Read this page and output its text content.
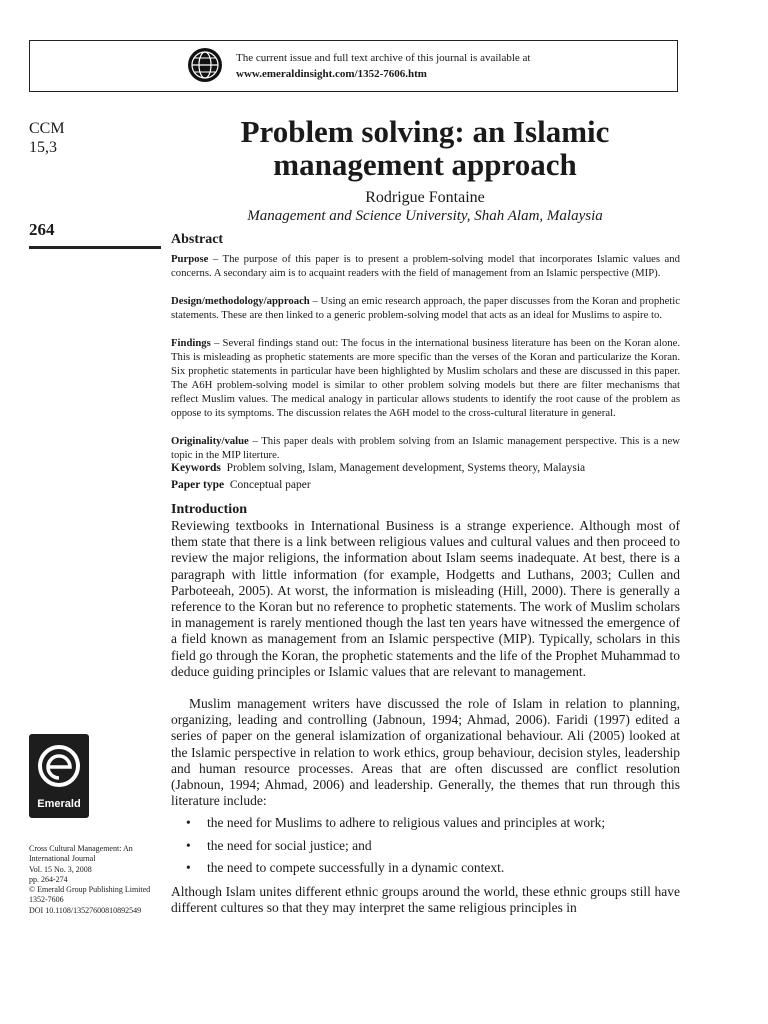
The current issue and full text archive of this journal is available at
www.emeraldinsight.com/1352-7606.htm
CCM
15,3
264
Problem solving: an Islamic
management approach
Rodrigue Fontaine
Management and Science University, Shah Alam, Malaysia
Abstract
Purpose – The purpose of this paper is to present a problem-solving model that incorporates Islamic values and concerns. A secondary aim is to acquaint readers with the field of management from an Islamic perspective (MIP).
Design/methodology/approach – Using an emic research approach, the paper discusses from the Koran and prophetic statements. These are then linked to a generic problem-solving model that acts as an ideal for Muslims to aspire to.
Findings – Several findings stand out: The focus in the international business literature has been on the Koran alone. This is misleading as prophetic statements are more specific than the verses of the Koran and particularize the Koran. Six prophetic statements in particular have been highlighted by Muslim scholars and these are discussed in this paper. The A6H problem-solving model is similar to other problem solving models but there are filter mechanisms that reflect Muslim values. The medical analogy in particular allows students to identify the root cause of the problem as oppose to its symptoms. The discussion relates the A6H model to the cross-cultural literature in general.
Originality/value – This paper deals with problem solving from an Islamic management perspective. This is a new topic in the MIP literture.
Keywords Problem solving, Islam, Management development, Systems theory, Malaysia
Paper type Conceptual paper
Introduction

Reviewing textbooks in International Business is a strange experience. Although most of them state that there is a link between religious values and cultural values and then proceed to review the major religions, the information about Islam seems inadequate. At best, there is a paragraph with little information (for example, Hodgetts and Luthans, 2003; Cullen and Parboteeah, 2005). At worst, the information is misleading (Hill, 2000). There is generally a reference to the Koran but no reference to prophetic statements. The work of Muslim scholars in management is rarely mentioned though the last ten years have witnessed the emergence of a field known as management from an Islamic perspective (MIP). Typically, scholars in this field go through the Koran, the prophetic statements and the life of the Prophet Muhammad to deduce guiding principles or Islamic values that are relevant to management.

Muslim management writers have discussed the role of Islam in relation to planning, organizing, leading and controlling (Jabnoun, 1994; Ahmad, 2006). Faridi (1997) edited a series of paper on the general islamization of organizational behaviour. Ali (2005) looked at the Islamic perspective in relation to work ethics, group behaviour, decision styles, leadership and human resource processes. Areas that are often discussed are conflict resolution (Jabnoun, 1994; Ahmad, 2006) and leadership. Generally, the themes that run through this literature include:

• the need for Muslims to adhere to religious values and principles at work;
• the need for social justice; and
• the need to compete successfully in a dynamic context.

Although Islam unites different ethnic groups around the world, these ethnic groups still have different cultures so that they may interpret the same religious principles in

Emerald
Cross Cultural Management: An
International Journal
Vol. 15 No. 3, 2008
pp. 264-274
© Emerald Group Publishing Limited
1352-7606
DOI 10.1108/13527600810892549
